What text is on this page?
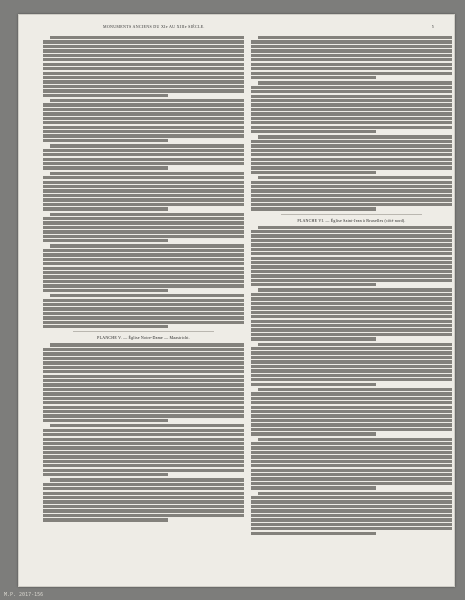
MONUMENTS ANCIENS DU XIe AU XIIIe SIÈCLE.	5
PLANCHE V. — Église Notre-Dame — Maastricht.
PLANCHE VI. — Église Saint-Jean à Bruxelles (côté nord).
M.P. 2017-156
